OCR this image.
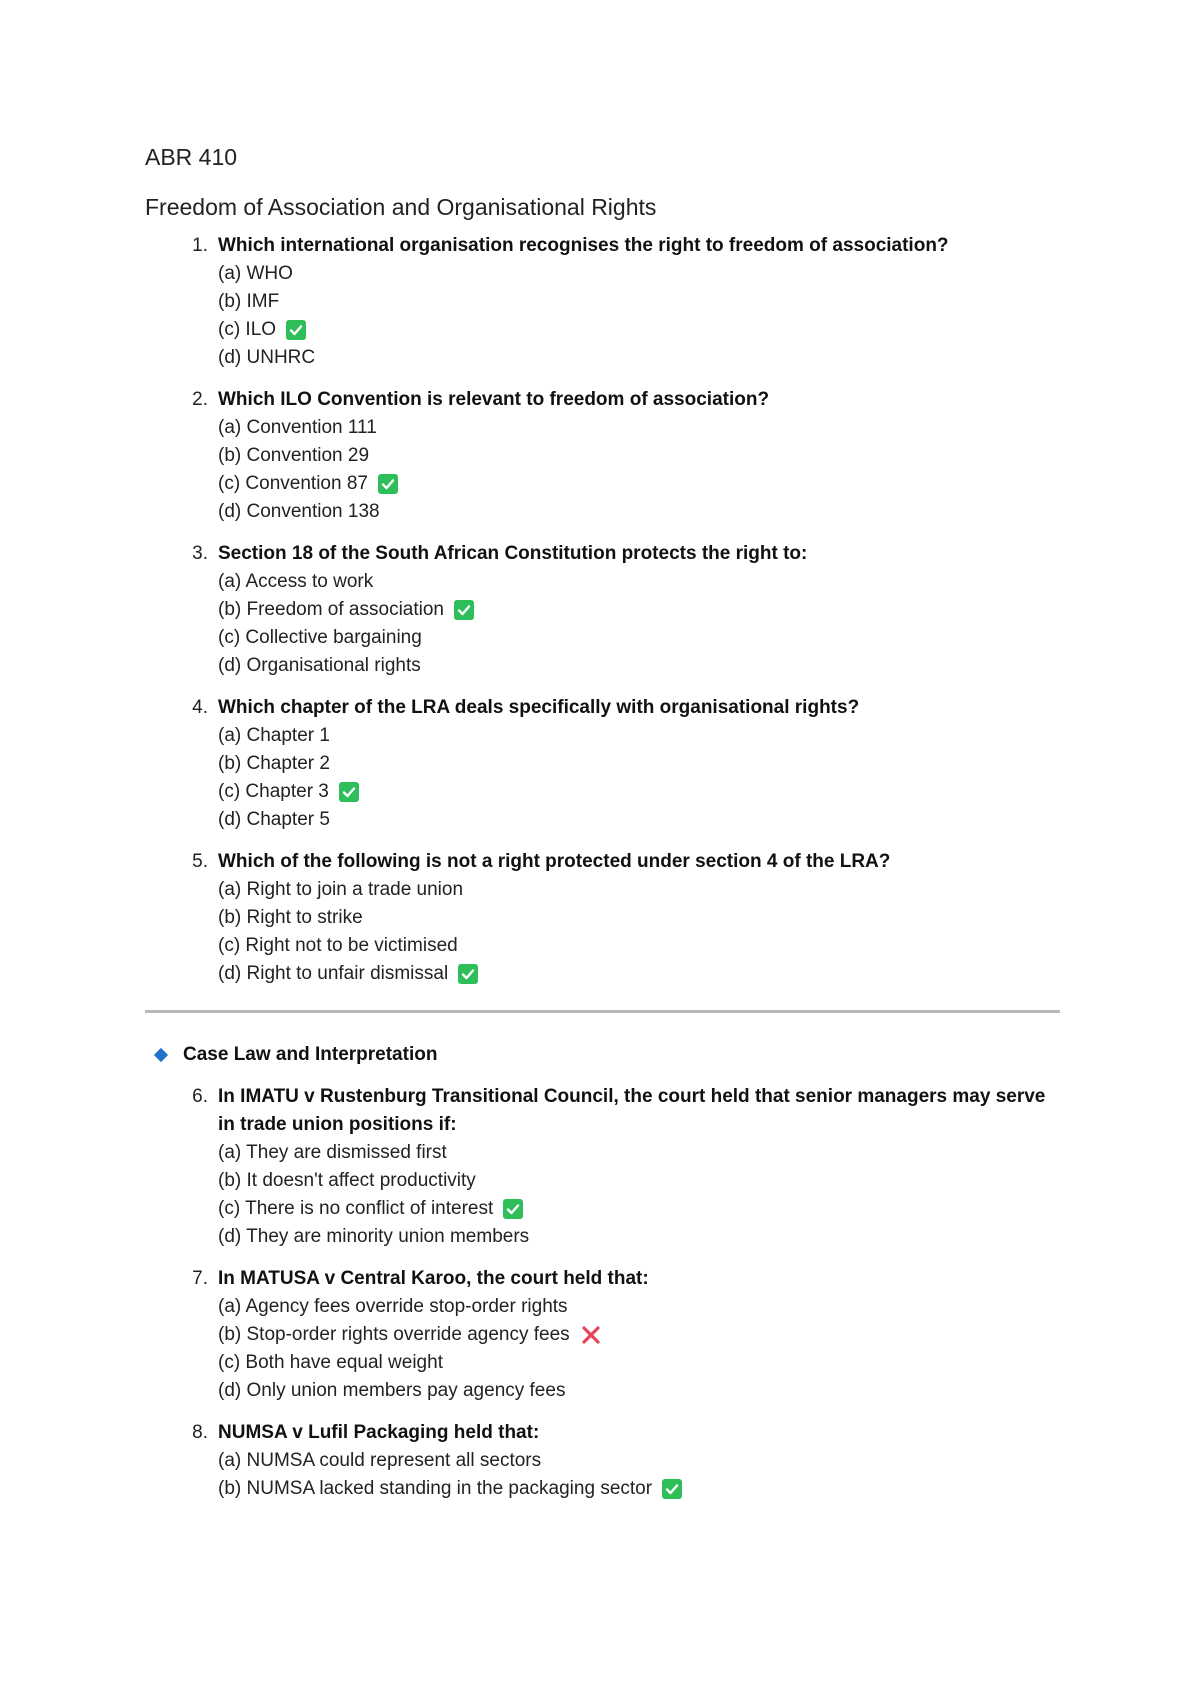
ABR 410
Freedom of Association and Organisational Rights
1. Which international organisation recognises the right to freedom of association?
(a) WHO
(b) IMF
(c) ILO
(d) UNHRC
2. Which ILO Convention is relevant to freedom of association?
(a) Convention 111
(b) Convention 29
(c) Convention 87
(d) Convention 138
3. Section 18 of the South African Constitution protects the right to:
(a) Access to work
(b) Freedom of association
(c) Collective bargaining
(d) Organisational rights
4. Which chapter of the LRA deals specifically with organisational rights?
(a) Chapter 1
(b) Chapter 2
(c) Chapter 3
(d) Chapter 5
5. Which of the following is not a right protected under section 4 of the LRA?
(a) Right to join a trade union
(b) Right to strike
(c) Right not to be victimised
(d) Right to unfair dismissal
Case Law and Interpretation
6. In IMATU v Rustenburg Transitional Council, the court held that senior managers may serve in trade union positions if:
(a) They are dismissed first
(b) It doesn't affect productivity
(c) There is no conflict of interest
(d) They are minority union members
7. In MATUSA v Central Karoo, the court held that:
(a) Agency fees override stop-order rights
(b) Stop-order rights override agency fees
(c) Both have equal weight
(d) Only union members pay agency fees
8. NUMSA v Lufil Packaging held that:
(a) NUMSA could represent all sectors
(b) NUMSA lacked standing in the packaging sector
